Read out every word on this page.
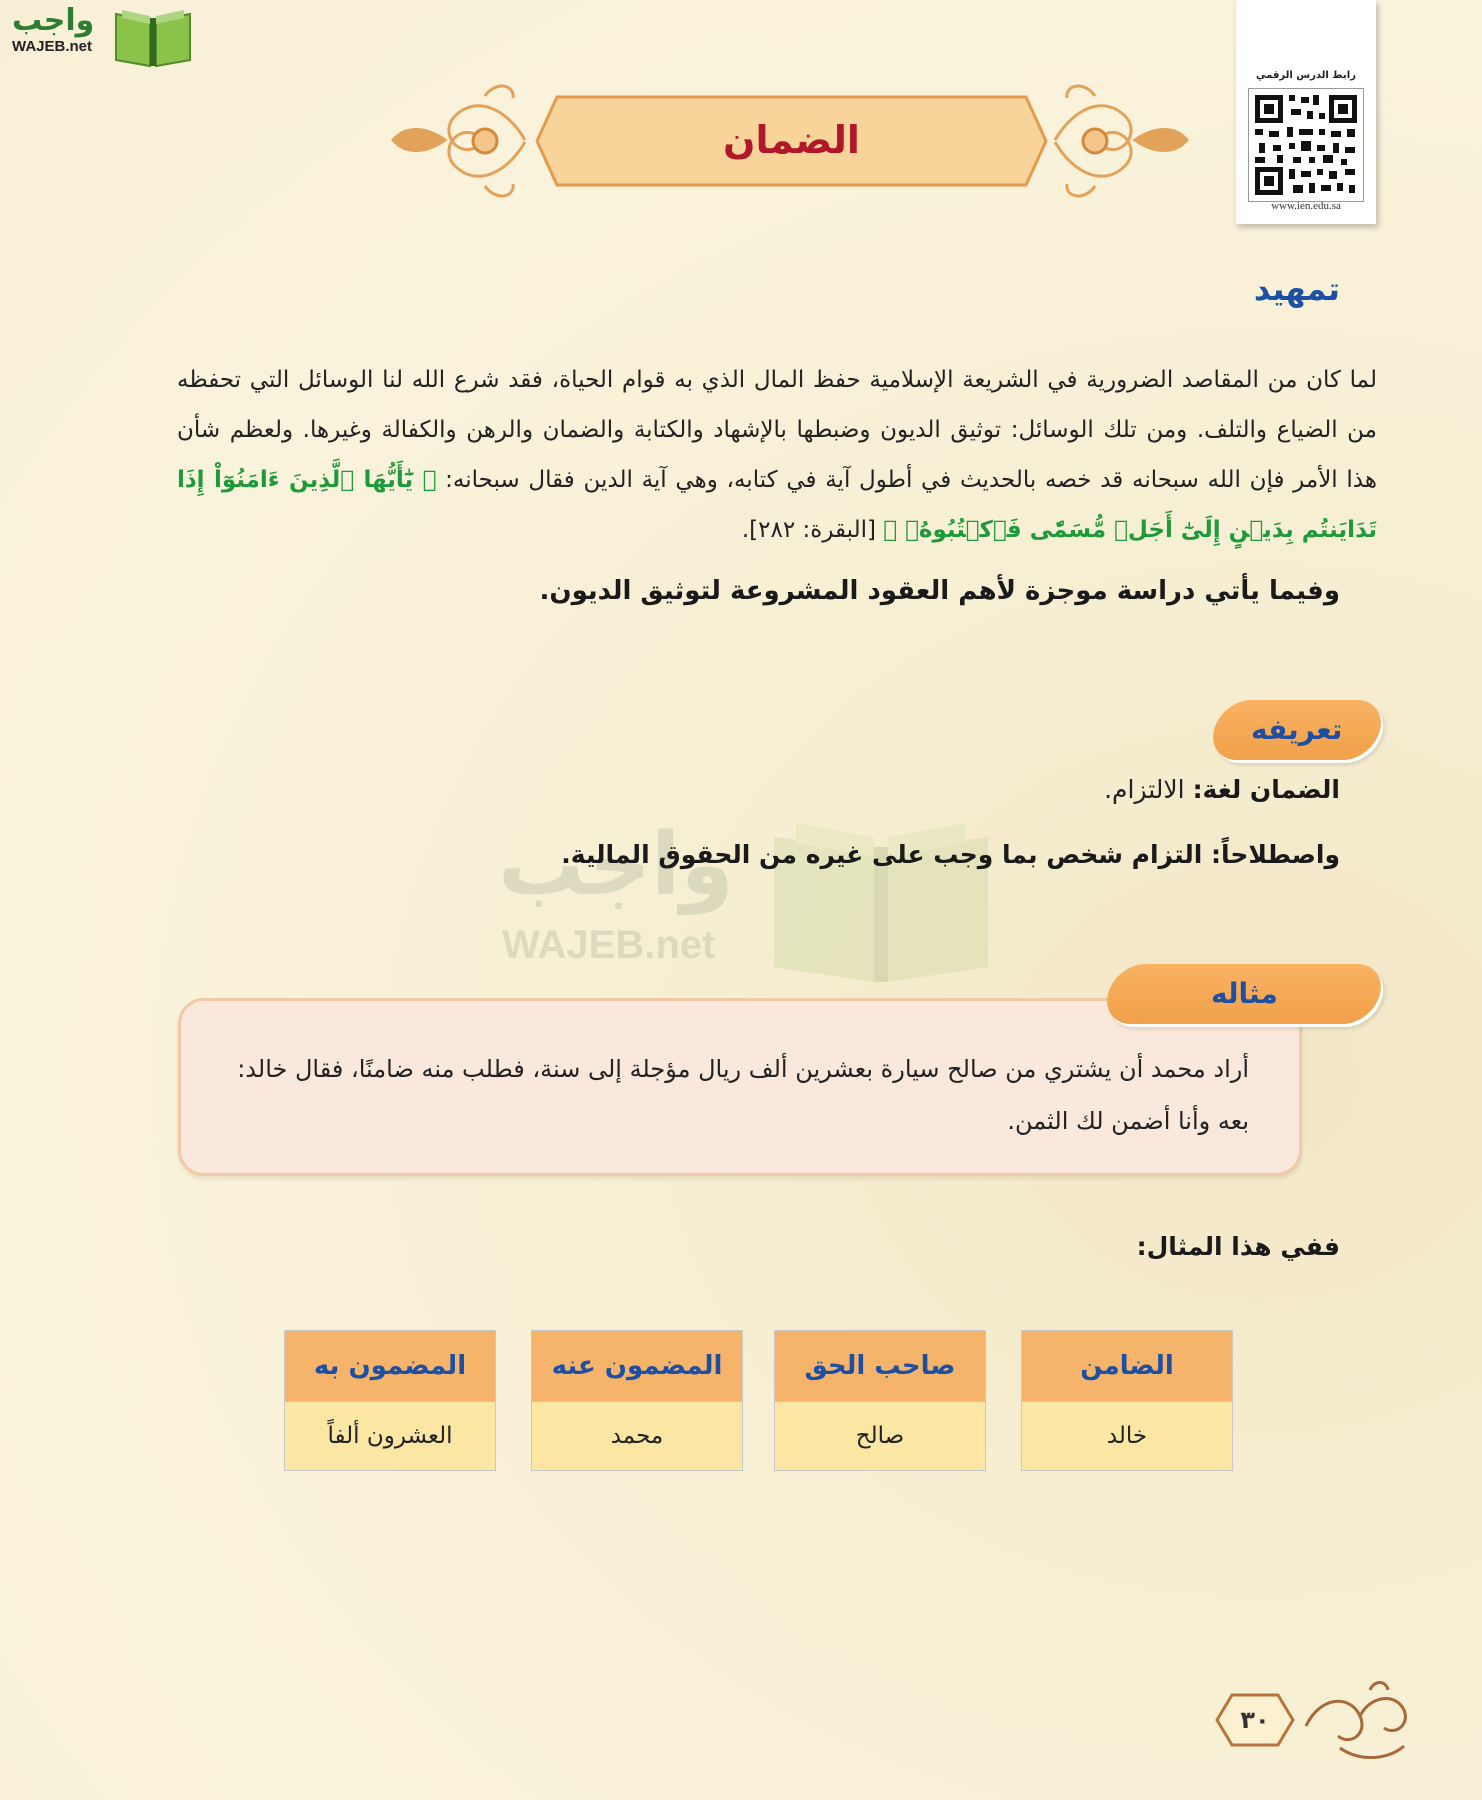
واجب
WAJEB.net
رابط الدرس الرقمي
www.ien.edu.sa
الضمان
تمهيد
لما كان من المقاصد الضرورية في الشريعة الإسلامية حفظ المال الذي به قوام الحياة، فقد شرع الله لنا الوسائل التي تحفظه من الضياع والتلف. ومن تلك الوسائل: توثيق الديون وضبطها بالإشهاد والكتابة والضمان والرهن والكفالة وغيرها. ولعظم شأن هذا الأمر فإن الله سبحانه قد خصه بالحديث في أطول آية في كتابه، وهي آية الدين فقال سبحانه: ﴿ يَٰٓأَيُّهَا ٱلَّذِينَ ءَامَنُوٓاْ إِذَا تَدَايَنتُم بِدَيۡنٍ إِلَىٰٓ أَجَلٖ مُّسَمّٗى فَٱكۡتُبُوهُۚ ﴾ [البقرة: ٢٨٢].
وفيما يأتي دراسة موجزة لأهم العقود المشروعة لتوثيق الديون.
تعريفه
الضمان لغة: الالتزام.
واجب
WAJEB.net
واصطلاحاً: التزام شخص بما وجب على غيره من الحقوق المالية.
أراد محمد أن يشتري من صالح سيارة بعشرين ألف ريال مؤجلة إلى سنة، فطلب منه ضامنًا، فقال خالد: بعه وأنا أضمن لك الثمن.
مثاله
ففي هذا المثال:
الضامن
خالد
صاحب الحق
صالح
المضمون عنه
محمد
المضمون به
العشرون ألفاً
٣٠
